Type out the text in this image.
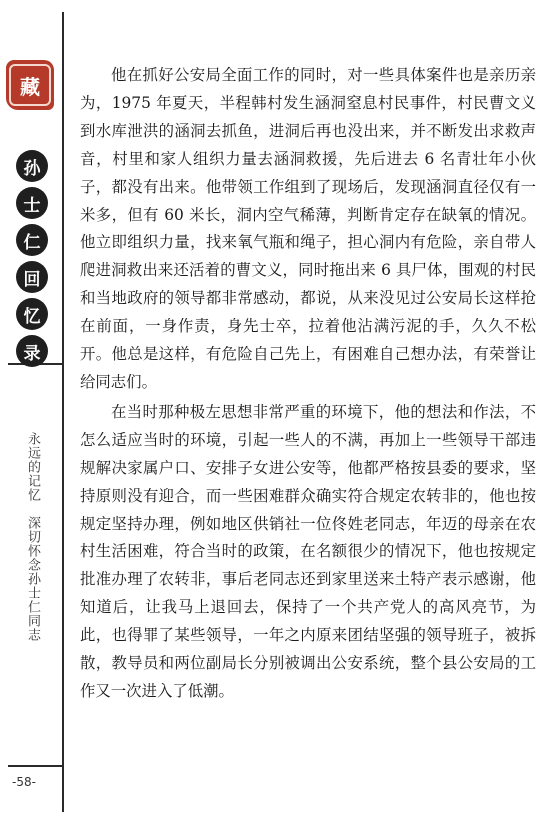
藏
孙
士
仁
回
忆
录
永远的记忆深切怀念孙士仁同志
-58-

他在抓好公安局全面工作的同时，对一些具体案件也是亲历亲为，1975 年夏天，半程韩村发生涵洞窒息村民事件，村民曹文义到水库泄洪的涵洞去抓鱼，进洞后再也没出来，并不断发出求救声音，村里和家人组织力量去涵洞救援，先后进去 6 名青壮年小伙子，都没有出来。他带领工作组到了现场后，发现涵洞直径仅有一米多，但有 60 米长，洞内空气稀薄，判断肯定存在缺氧的情况。他立即组织力量，找来氧气瓶和绳子，担心洞内有危险，亲自带人爬进洞救出来还活着的曹文义，同时拖出来 6 具尸体，围观的村民和当地政府的领导都非常感动，都说，从来没见过公安局长这样抢在前面，一身作责，身先士卒，拉着他沾满污泥的手，久久不松开。他总是这样，有危险自己先上，有困难自己想办法，有荣誉让给同志们。

在当时那种极左思想非常严重的环境下，他的想法和作法，不怎么适应当时的环境，引起一些人的不满，再加上一些领导干部违规解决家属户口、安排子女进公安等，他都严格按县委的要求，坚持原则没有迎合，而一些困难群众确实符合规定农转非的，他也按规定坚持办理，例如地区供销社一位佟姓老同志，年迈的母亲在农村生活困难，符合当时的政策，在名额很少的情况下，他也按规定批准办理了农转非，事后老同志还到家里送来土特产表示感谢，他知道后，让我马上退回去，保持了一个共产党人的高风亮节，为此，也得罪了某些领导，一年之内原来团结坚强的领导班子，被拆散，教导员和两位副局长分别被调出公安系统，整个县公安局的工作又一次进入了低潮。
